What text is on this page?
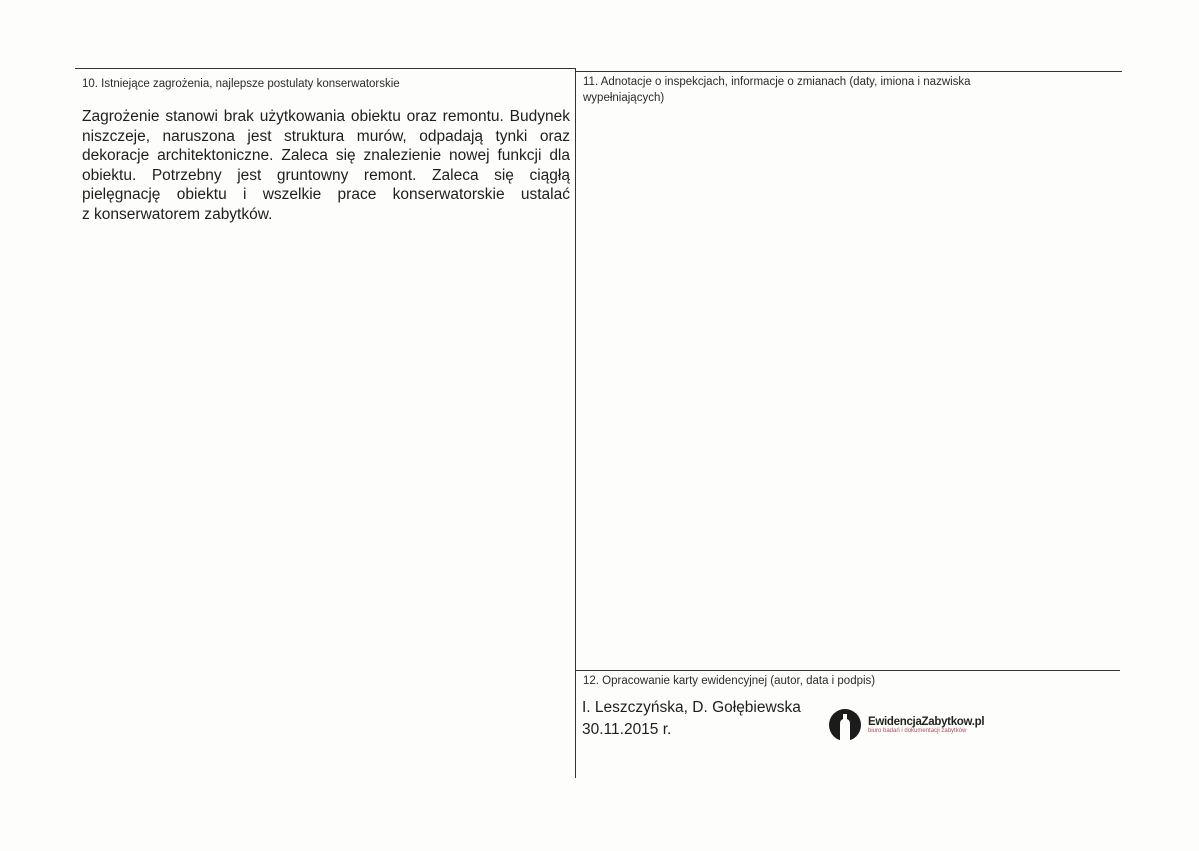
10. Istniejące zagrożenia, najlepsze postulaty konserwatorskie
Zagrożenie stanowi brak użytkowania obiektu oraz remontu. Budynek
niszczeje, naruszona jest struktura murów, odpadają tynki oraz
dekoracje architektoniczne. Zaleca się znalezienie nowej funkcji dla
obiektu. Potrzebny jest gruntowny remont. Zaleca się ciągłą
pielęgnację obiektu i wszelkie prace konserwatorskie ustalać
z konserwatorem zabytków.
11. Adnotacje o inspekcjach, informacje o zmianach (daty, imiona i nazwiska
wypełniających)
12. Opracowanie karty ewidencyjnej (autor, data i podpis)
I. Leszczyńska, D. Gołębiewska
30.11.2015 r.	EwidencjaZabytkow.pl
biuro badań i dokumentacji zabytków
